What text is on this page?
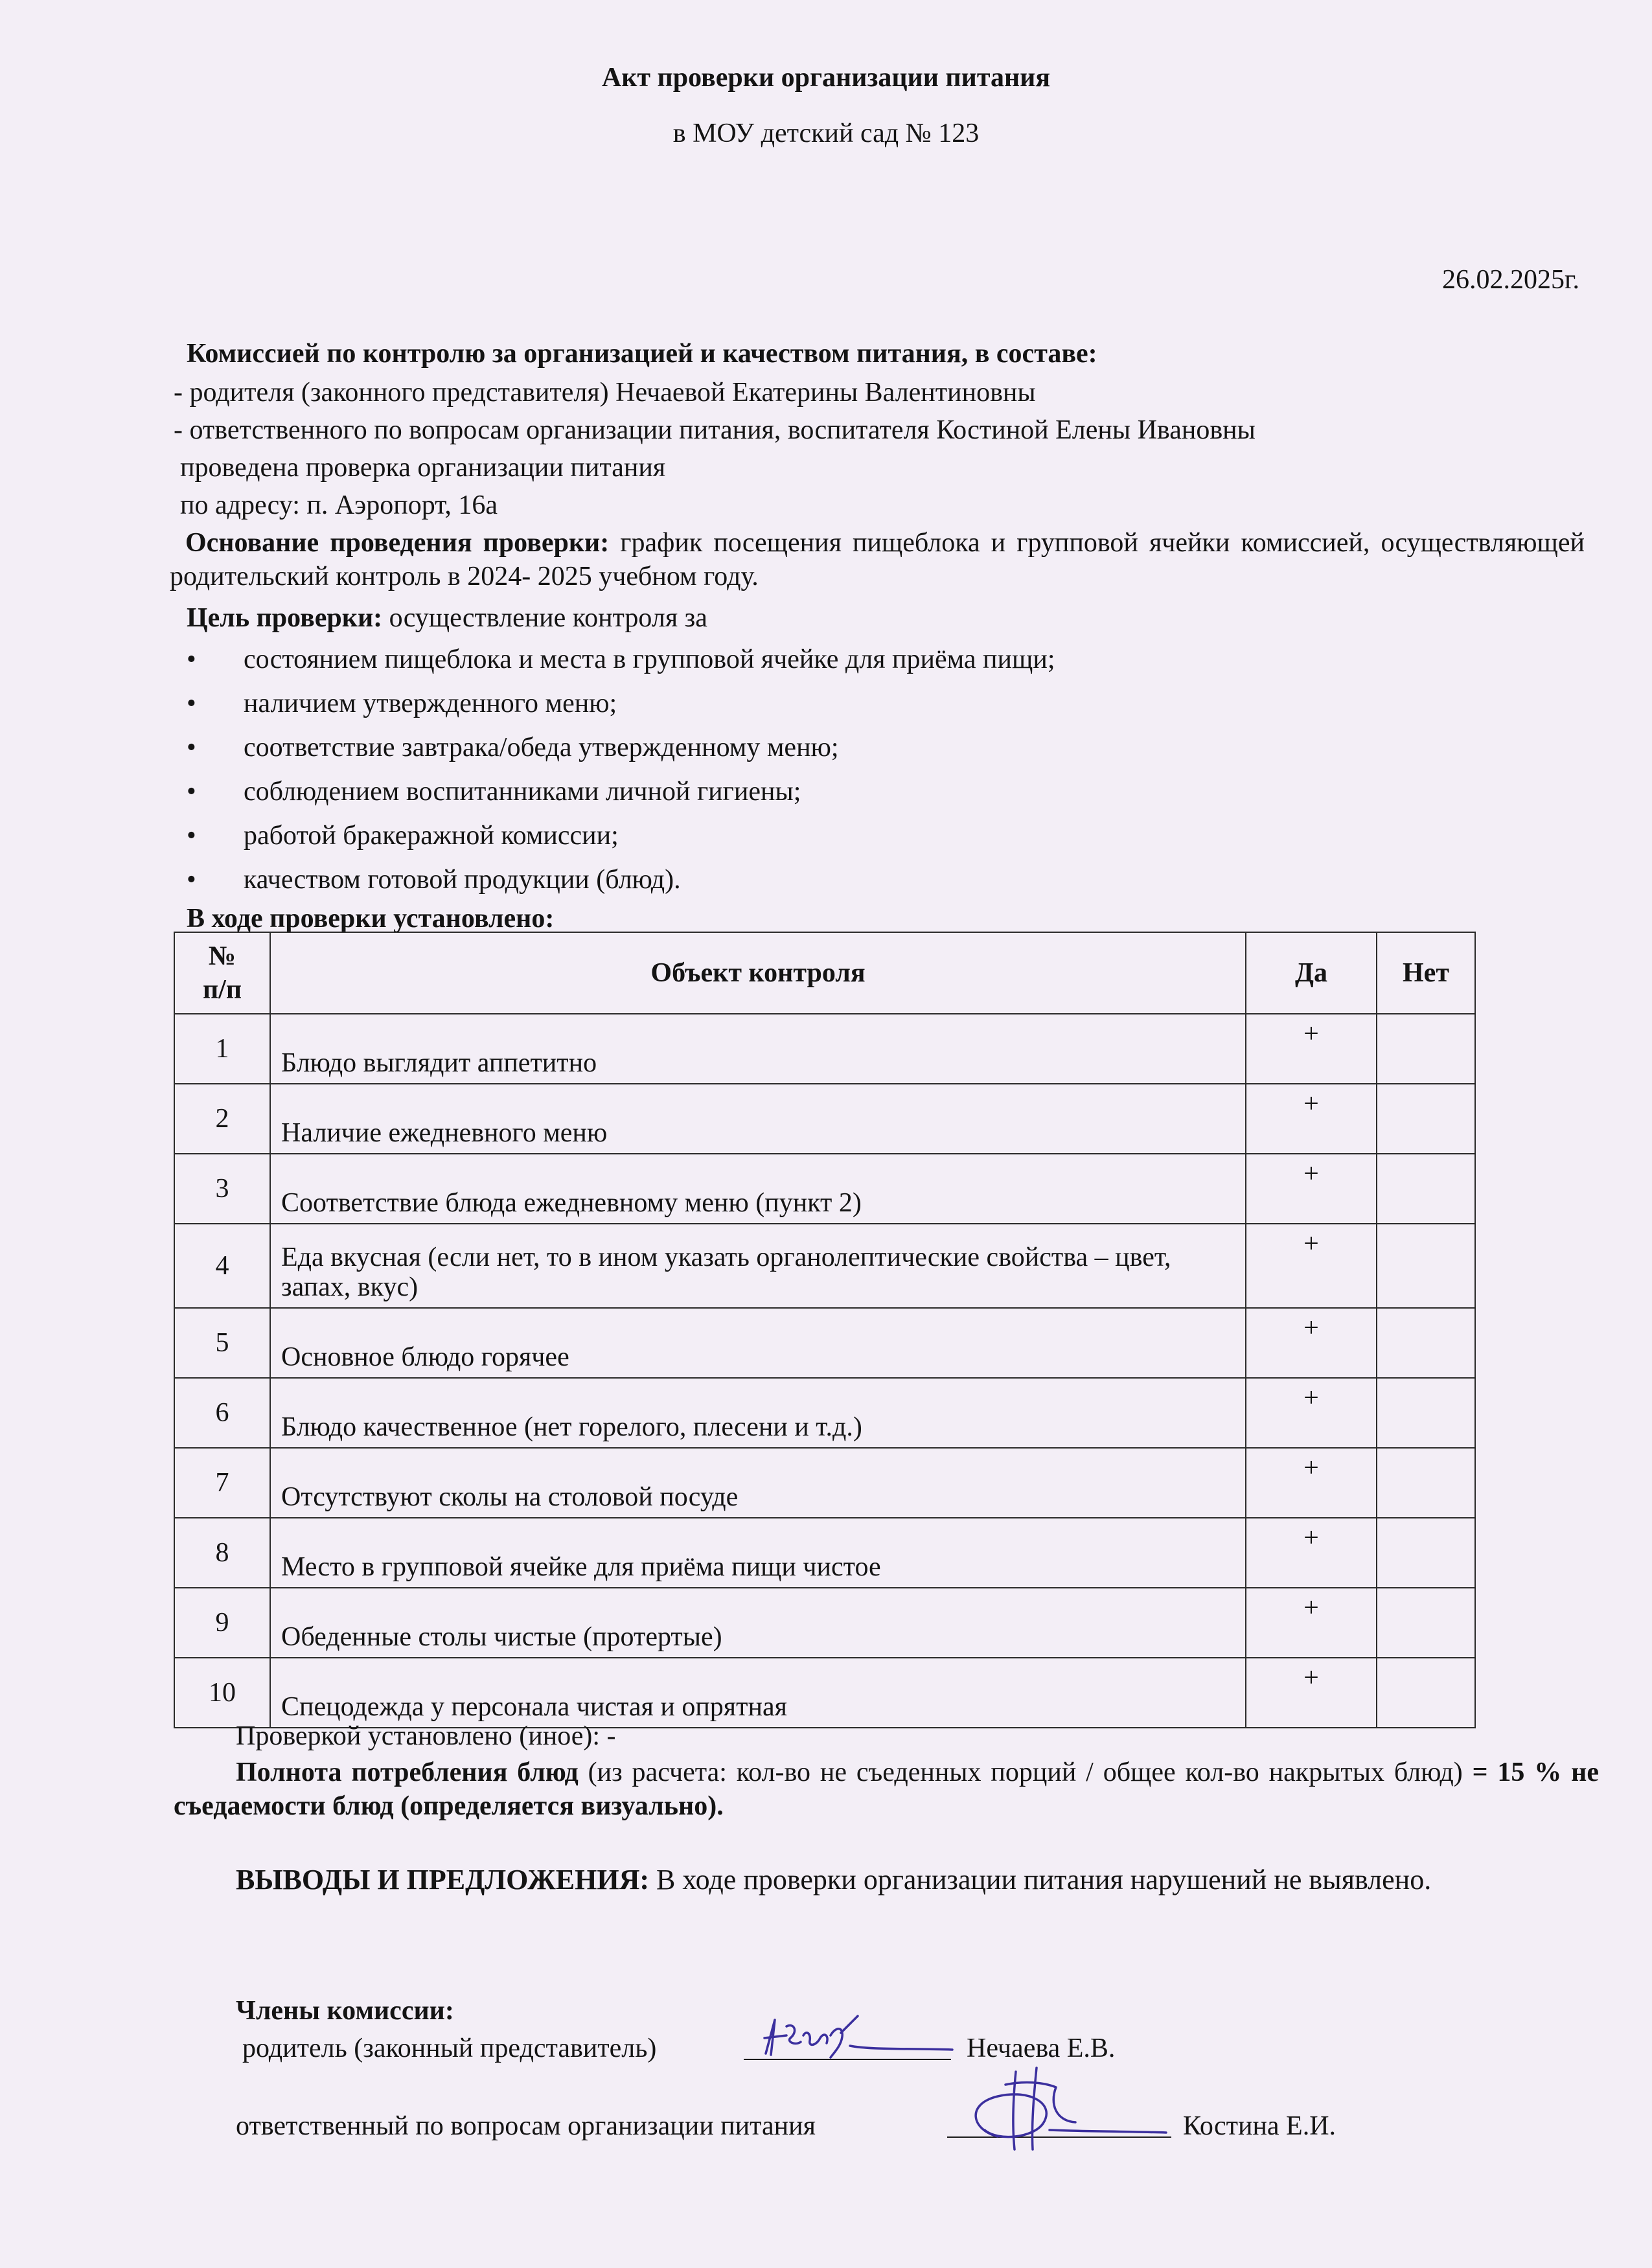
Акт проверки организации питания
в МОУ детский сад № 123
26.02.2025г.
Комиссией по контролю за организацией и качеством питания, в составе:
- родителя (законного представителя) Нечаевой Екатерины Валентиновны
- ответственного по вопросам организации питания, воспитателя Костиной Елены Ивановны
проведена проверка организации питания
по адресу: п. Аэропорт, 16а
Основание проведения проверки: график посещения пищеблока и групповой ячейки комиссией, осуществляющей родительский контроль в 2024- 2025 учебном году.
Цель проверки: осуществление контроля за
• состоянием пищеблока и места в групповой ячейке для приёма пищи;
• наличием утвержденного меню;
• соответствие завтрака/обеда утвержденному меню;
• соблюдением воспитанниками личной гигиены;
• работой бракеражной комиссии;
• качеством готовой продукции (блюд).
В ходе проверки установлено:
№
п/п	Объект контроля	Да	Нет
1	Блюдо выглядит аппетитно	+	
2	Наличие ежедневного меню	+	
3	Соответствие блюда ежедневному меню (пункт 2)	+	
4	Еда вкусная (если нет, то в ином указать органолептические свойства – цвет, запах, вкус)	+	
5	Основное блюдо горячее	+	
6	Блюдо качественное (нет горелого, плесени и т.д.)	+	
7	Отсутствуют сколы на столовой посуде	+	
8	Место в групповой ячейке для приёма пищи чистое	+	
9	Обеденные столы чистые (протертые)	+	
10	Спецодежда у персонала чистая и опрятная	+	
Проверкой установлено (иное): -
Полнота потребления блюд (из расчета: кол-во не съеденных порций / общее кол-во накрытых блюд) = 15 % не съедаемости блюд (определяется визуально).
ВЫВОДЫ И ПРЕДЛОЖЕНИЯ: В ходе проверки организации питания нарушений не выявлено.
Члены комиссии:
родитель (законный представитель)	Нечаева Е.В.
ответственный по вопросам организации питания	Костина Е.И.
